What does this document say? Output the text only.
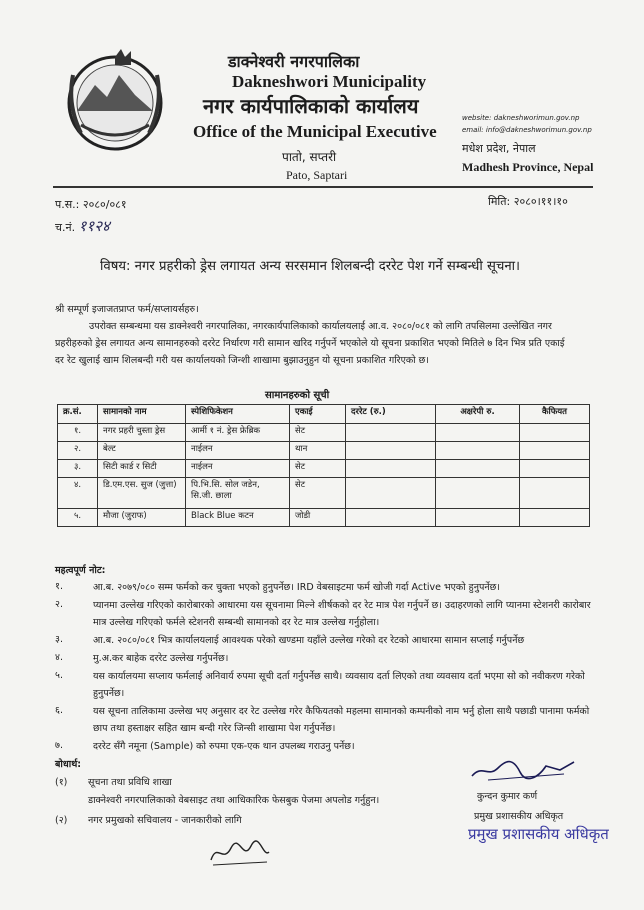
डाक्नेश्वरी नगरपालिका
Dakneshwori Municipality
नगर कार्यपालिकाको कार्यालय
Office of the Municipal Executive
पातो, सप्तरी
Pato, Saptari
website: dakneshworimun.gov.np
email: info@dakneshworimun.gov.np
मधेश प्रदेश, नेपाल
Madhesh Province, Nepal
प.स.: २०८०/०८१	मिति: २०८०।११।१०
च.नं. ११२४
विषय: नगर प्रहरीको ड्रेस लगायत अन्य सरसमान शिलबन्दी दररेट पेश गर्ने सम्बन्धी सूचना।
श्री सम्पूर्ण इजाजतप्राप्त फर्म/सप्लायर्सहरु।

उपरोक्त सम्बन्धमा यस डाक्नेश्वरी नगरपालिका, नगरकार्यपालिकाको कार्यालयलाई आ.व. २०८०/०८१ को लागि तपसिलमा उल्लेखित नगर प्रहरीहरुको ड्रेस लगायत अन्य सामानहरुको दररेट निर्धारण गरी सामान खरिद गर्नुपर्ने भएकोले यो सूचना प्रकाशित भएको मितिले ७ दिन भित्र प्रति एकाई दर रेट खुलाई खाम शिलबन्दी गरी यस कार्यालयको जिन्शी शाखामा बुझाउनुहुन यो सूचना प्रकाशित गरिएको छ।

सामानहरुको सूची
क्र.सं.	सामानको नाम	स्पेशिफिकेशन	एकाई	दररेट (रु.)	अक्षरेपी रु.	कैफियत
१.	नगर प्रहरी चुस्ता ड्रेस	आर्मी १ नं. ड्रेस फ्रेब्रिक	सेट			
२.	बेल्ट	नाईलन	थान			
३.	सिटी कार्ड र सिटी	नाईलन	सेट			
४.	डि.एम.एस. सुज (जुत्ता)	पि.भि.सि. सोल जडेन, सि.जी. छाला	सेट			
५.	मौजा (जुराफ)	Black Blue कटन	जोडी			
महत्वपूर्ण नोट:
१.	आ.ब. २०७९/०८० सम्म फर्मको कर चुक्ता भएको हुनुपर्नेछ। IRD वेबसाइटमा फर्म खोजी गर्दा Active भएको हुनुपर्नेछ।
२.	प्यानमा उल्लेख गरिएको कारोबारको आधारमा यस सूचनामा मिल्ने शीर्षकको दर रेट मात्र पेश गर्नुपर्ने छ। उदाहरणको लागि प्यानमा स्टेशनरी कारोबार मात्र उल्लेख गरिएको फर्मले स्टेशनरी सम्बन्धी सामानको दर रेट मात्र उल्लेख गर्नुहोला।
३.	आ.ब. २०८०/०८१ भित्र कार्यालयलाई आवश्यक परेको खण्डमा यहाँले उल्लेख गरेको दर रेटको आधारमा सामान सप्लाई गर्नुपर्नेछ
४.	मु.अ.कर बाहेक दररेट उल्लेख गर्नुपर्नेछ।
५.	यस कार्यालयमा सप्लाय फर्मलाई अनिवार्य रुपमा सूची दर्ता गर्नुपर्नेछ साथै। व्यवसाय दर्ता लिएको तथा व्यवसाय दर्ता भएमा सो को नवीकरण गरेको हुनुपर्नेछ।
६.	यस सूचना तालिकामा उल्लेख भए अनुसार दर रेट उल्लेख गरेर कैफियतको महलमा सामानको कम्पनीको नाम भर्नु होला साथै पछाडी पानामा फर्मको छाप तथा हस्ताक्षर सहित खाम बन्दी गरेर जिन्सी शाखामा पेश गर्नुपर्नेछ।
७.	दररेट सँगै नमूना (Sample) को रुपमा एक-एक थान उपलब्ध गराउनु पर्नेछ।
बोधार्थ:
(१) सूचना तथा प्रविधि शाखा
डाक्नेश्वरी नगरपालिकाको वेबसाइट तथा आधिकारिक फेसबुक पेजमा अपलोड गर्नुहुन।
(२) नगर प्रमुखको सचिवालय - जानकारीको लागि
कुन्दन कुमार कर्ण
प्रमुख प्रशासकीय अधिकृत
प्रमुख प्रशासकीय अधिकृत
